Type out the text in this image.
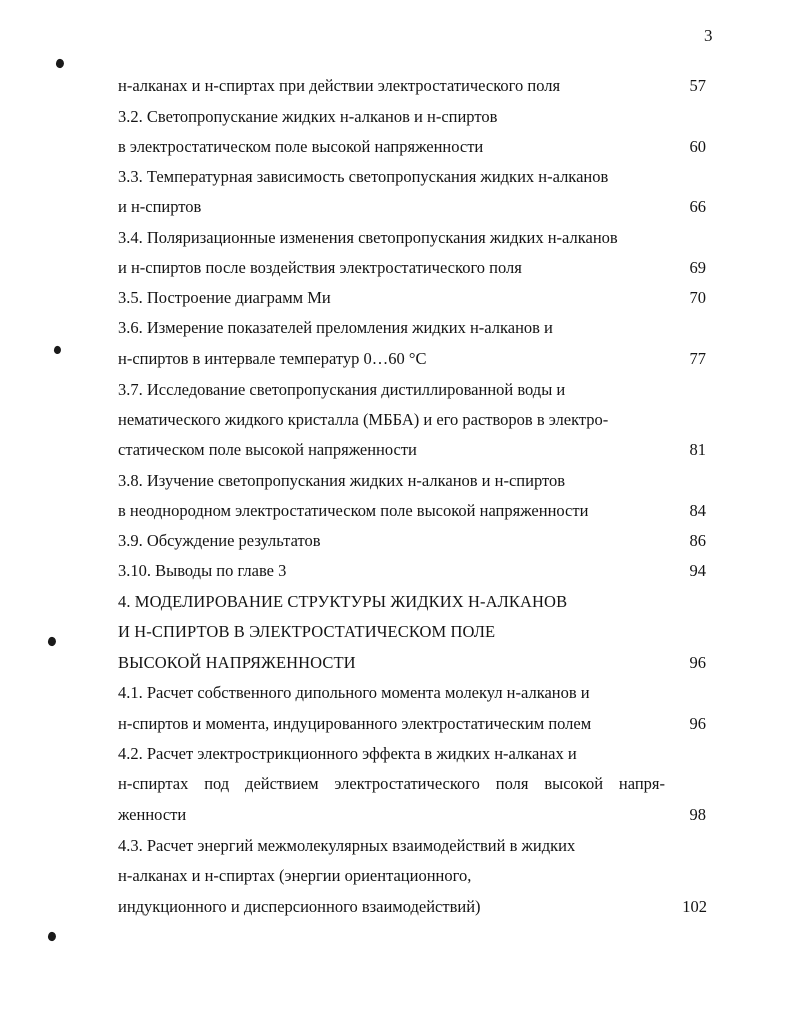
3
н-алканах и н-спиртах при действии электростатического поля	57
3.2. Светопропускание жидких н-алканов и н-спиртов
в электростатическом поле высокой напряженности	60
3.3. Температурная зависимость светопропускания жидких н-алканов
и н-спиртов	66
3.4. Поляризационные изменения светопропускания жидких н-алканов
и н-спиртов после воздействия электростатического поля	69
3.5. Построение диаграмм Ми	70
3.6. Измерение показателей преломления жидких н-алканов и
н-спиртов в интервале температур 0…60 °С	77
3.7. Исследование светопропускания дистиллированной воды и
нематического жидкого кристалла (МББА) и его растворов в электро-
статическом поле высокой напряженности	81
3.8. Изучение светопропускания жидких н-алканов и н-спиртов
в неоднородном электростатическом поле высокой напряженности	84
3.9. Обсуждение результатов	86
3.10. Выводы по главе 3	94
4. МОДЕЛИРОВАНИЕ СТРУКТУРЫ ЖИДКИХ Н-АЛКАНОВ
И Н-СПИРТОВ В ЭЛЕКТРОСТАТИЧЕСКОМ ПОЛЕ
ВЫСОКОЙ НАПРЯЖЕННОСТИ	96
4.1. Расчет собственного дипольного момента молекул н-алканов и
н-спиртов и момента, индуцированного электростатическим полем	96
4.2. Расчет электрострикционного эффекта в жидких н-алканах и
н-спиртах под действием электростатического поля высокой напря-
женности	98
4.3. Расчет энергий межмолекулярных взаимодействий в жидких
н-алканах и н-спиртах (энергии ориентационного,
индукционного и дисперсионного взаимодействий)	102
